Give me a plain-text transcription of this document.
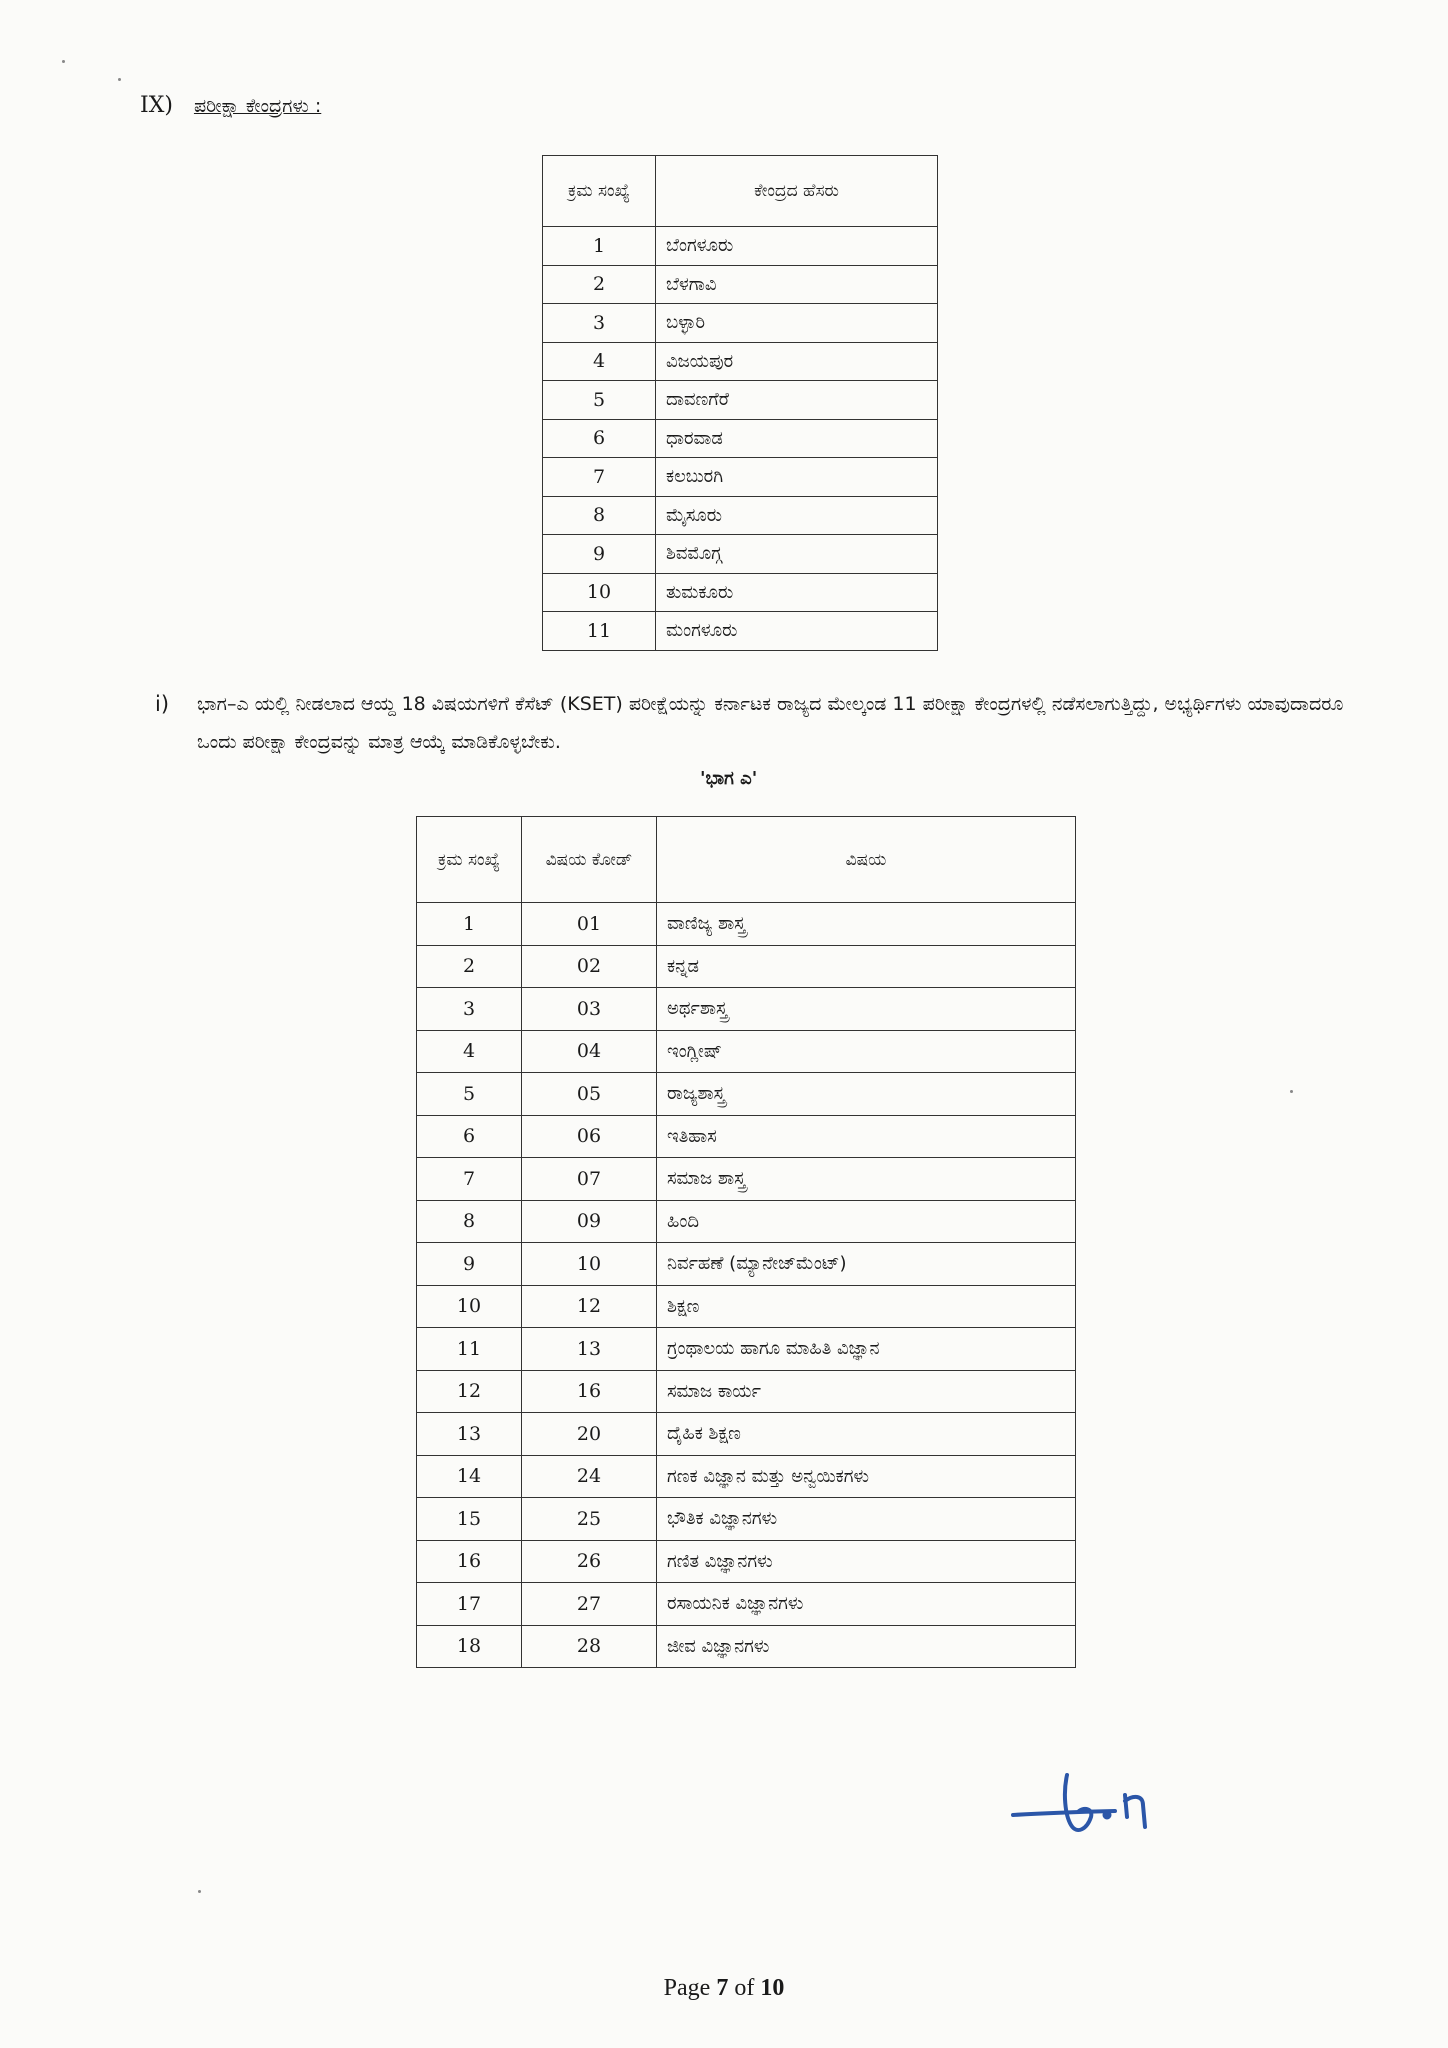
IX) ಪರೀಕ್ಷಾ ಕೇಂದ್ರಗಳು :
ಕ್ರಮ ಸಂಖ್ಯೆ	ಕೇಂದ್ರದ ಹೆಸರು
1	ಬೆಂಗಳೂರು
2	ಬೆಳಗಾವಿ
3	ಬಳ್ಳಾರಿ
4	ವಿಜಯಪುರ
5	ದಾವಣಗೆರೆ
6	ಧಾರವಾಡ
7	ಕಲಬುರಗಿ
8	ಮೈಸೂರು
9	ಶಿವಮೊಗ್ಗ
10	ತುಮಕೂರು
11	ಮಂಗಳೂರು
i) ಭಾಗ–ಎ ಯಲ್ಲಿ ನೀಡಲಾದ ಆಯ್ದ 18 ವಿಷಯಗಳಿಗೆ ಕೆಸೆಟ್ (KSET) ಪರೀಕ್ಷೆಯನ್ನು ಕರ್ನಾಟಕ ರಾಜ್ಯದ ಮೇಲ್ಕಂಡ 11 ಪರೀಕ್ಷಾ ಕೇಂದ್ರಗಳಲ್ಲಿ ನಡೆಸಲಾಗುತ್ತಿದ್ದು, ಅಭ್ಯರ್ಥಿಗಳು ಯಾವುದಾದರೂ ಒಂದು ಪರೀಕ್ಷಾ ಕೇಂದ್ರವನ್ನು ಮಾತ್ರ ಆಯ್ಕೆ ಮಾಡಿಕೊಳ್ಳಬೇಕು.
'ಭಾಗ ಎ'
ಕ್ರಮ ಸಂಖ್ಯೆ	ವಿಷಯ ಕೋಡ್	ವಿಷಯ
1	01	ವಾಣಿಜ್ಯ ಶಾಸ್ತ್ರ
2	02	ಕನ್ನಡ
3	03	ಅರ್ಥಶಾಸ್ತ್ರ
4	04	ಇಂಗ್ಲೀಷ್
5	05	ರಾಜ್ಯಶಾಸ್ತ್ರ
6	06	ಇತಿಹಾಸ
7	07	ಸಮಾಜ ಶಾಸ್ತ್ರ
8	09	ಹಿಂದಿ
9	10	ನಿರ್ವಹಣೆ (ಮ್ಯಾನೇಜ್‌ಮೆಂಟ್)
10	12	ಶಿಕ್ಷಣ
11	13	ಗ್ರಂಥಾಲಯ ಹಾಗೂ ಮಾಹಿತಿ ವಿಜ್ಞಾನ
12	16	ಸಮಾಜ ಕಾರ್ಯ
13	20	ದೈಹಿಕ ಶಿಕ್ಷಣ
14	24	ಗಣಕ ವಿಜ್ಞಾನ ಮತ್ತು ಅನ್ವಯಿಕಗಳು
15	25	ಭೌತಿಕ ವಿಜ್ಞಾನಗಳು
16	26	ಗಣಿತ ವಿಜ್ಞಾನಗಳು
17	27	ರಸಾಯನಿಕ ವಿಜ್ಞಾನಗಳು
18	28	ಜೀವ ವಿಜ್ಞಾನಗಳು
Page 7 of 10
